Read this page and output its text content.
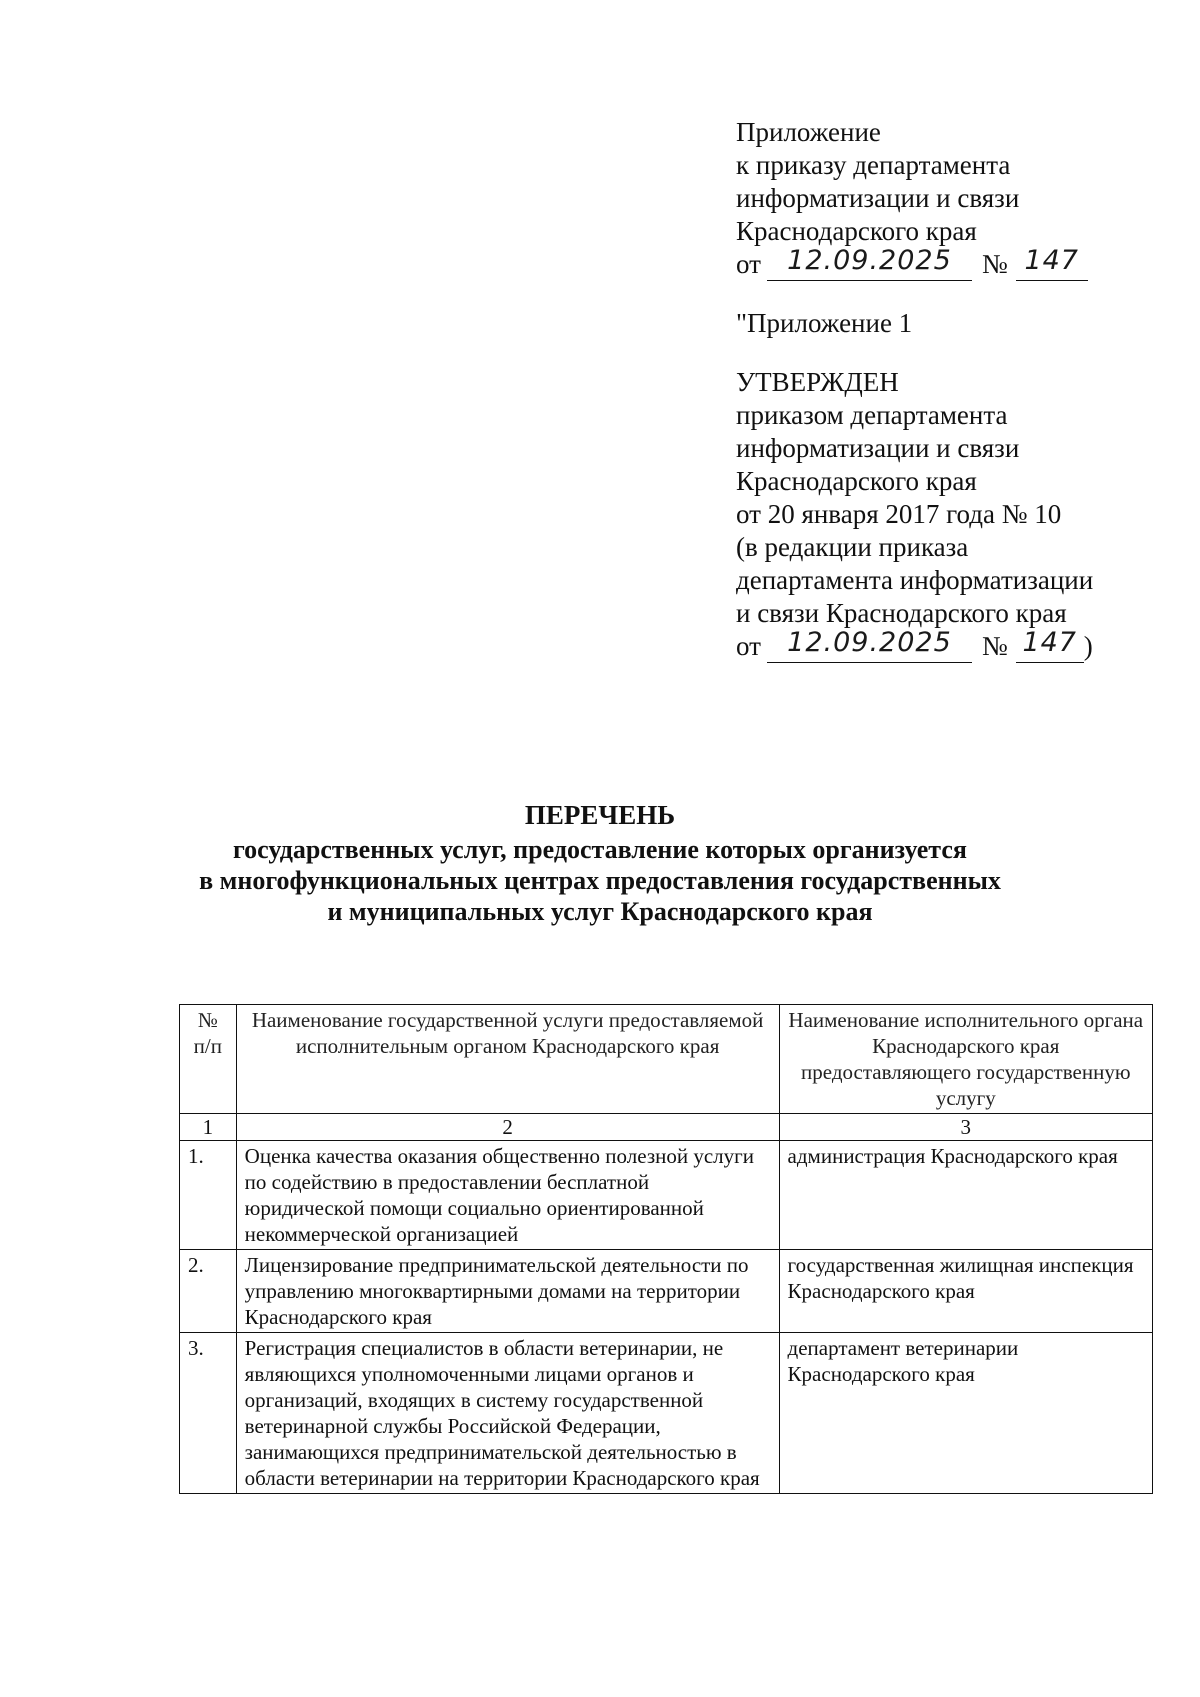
Приложение
к приказу департамента
информатизации и связи
Краснодарского края
от 12.09.2025	№ 147
"Приложение 1
УТВЕРЖДЕН
приказом департамента
информатизации и связи
Краснодарского края
от 20 января 2017 года № 10
(в редакции приказа
департамента информатизации
и связи Краснодарского края
от 12.09.2025	№ 147 )
ПЕРЕЧЕНЬ
государственных услуг, предоставление которых организуется
в многофункциональных центрах предоставления государственных
и муниципальных услуг Краснодарского края
№ п/п	Наименование государственной услуги предоставляемой исполнительным органом Краснодарского края	Наименование исполнительного органа Краснодарского края предоставляющего государственную услугу
1	2	3
1.	Оценка качества оказания общественно полезной услуги по содействию в предоставлении бесплатной юридической помощи социально ориентированной некоммерческой организацией	администрация Краснодарского края
2.	Лицензирование предпринимательской деятельности по управлению многоквартирными домами на территории Краснодарского края	государственная жилищная инспекция Краснодарского края
3.	Регистрация специалистов в области ветеринарии, не являющихся уполномоченными лицами органов и организаций, входящих в систему государственной ветеринарной службы Российской Федерации, занимающихся предпринимательской деятельностью в области ветеринарии на территории Краснодарского края	департамент ветеринарии Краснодарского края
